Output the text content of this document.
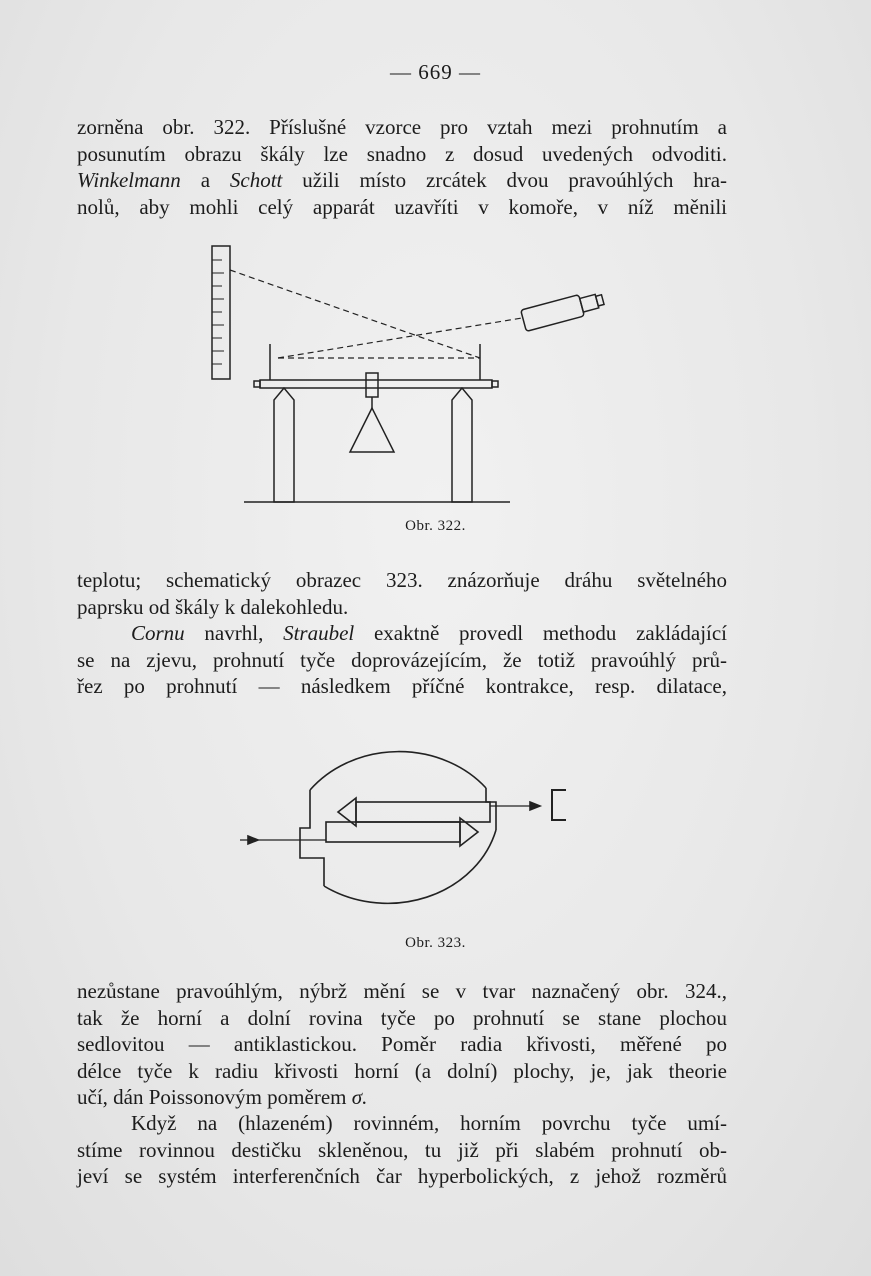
— 669 —
zorněna obr. 322. Příslušné vzorce pro vztah mezi prohnutím a
posunutím obrazu škály lze snadno z dosud uvedených odvoditi.
Winkelmann a Schott užili místo zrcátek dvou pravoúhlých hra-
nolů, aby mohli celý apparát uzavříti v komoře, v níž měnili
Obr. 322.
teplotu; schematický obrazec 323. znázorňuje dráhu světelného
paprsku od škály k dalekohledu.
Cornu navrhl, Straubel exaktně provedl methodu zakládající
se na zjevu, prohnutí tyče doprovázejícím, že totiž pravoúhlý prů-
řez po prohnutí — následkem příčné kontrakce, resp. dilatace,
Obr. 323.
nezůstane pravoúhlým, nýbrž mění se v tvar naznačený obr. 324.,
tak že horní a dolní rovina tyče po prohnutí se stane plochou
sedlovitou — antiklastickou. Poměr radia křivosti, měřené po
délce tyče k radiu křivosti horní (a dolní) plochy, je, jak theorie
učí, dán Poissonovým poměrem σ.
Když na (hlazeném) rovinném, horním povrchu tyče umí-
stíme rovinnou destičku skleněnou, tu již při slabém prohnutí ob-
jeví se systém interferenčních čar hyperbolických, z jehož rozměrů
